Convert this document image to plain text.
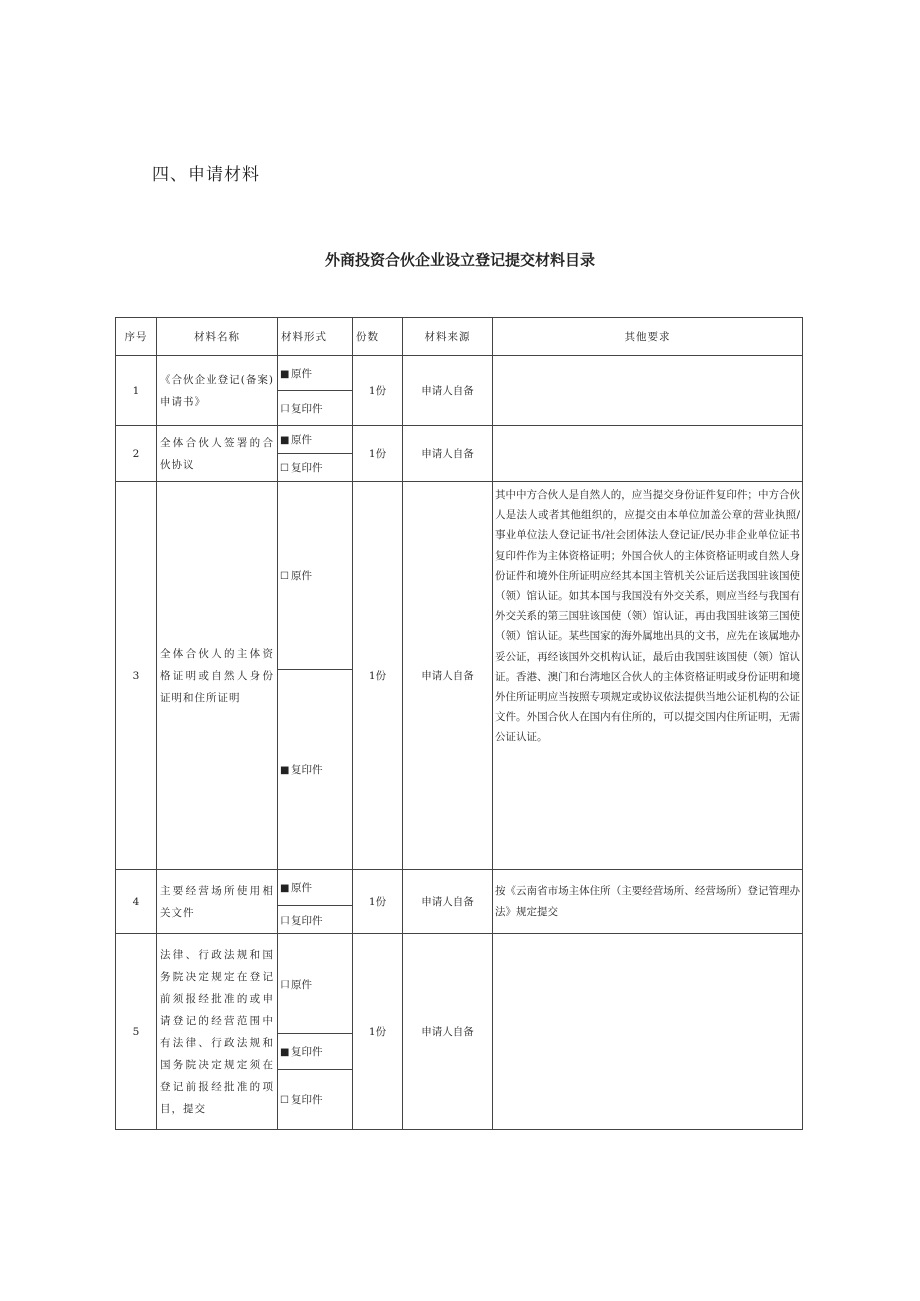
四、申请材料
外商投资合伙企业设立登记提交材料目录
序号	材料名称	材料形式	份数	材料来源	其他要求
1	《合伙企业登记(备案)申请书》	■ 原件	1份	申请人自备	
		口复印件			
2	全体合伙人签署的合伙协议	■ 原件	1份	申请人自备	
		☐ 复印件			
3	全体合伙人的主体资格证明或自然人身份证明和住所证明	☐ 原件	1份	申请人自备	其中中方合伙人是自然人的，应当提交身份证件复印件；中方合伙人是法人或者其他组织的，应提交由本单位加盖公章的营业执照/事业单位法人登记证书/社会团体法人登记证/民办非企业单位证书复印件作为主体资格证明；外国合伙人的主体资格证明或自然人身份证件和境外住所证明应经其本国主管机关公证后送我国驻该国使（领）馆认证。如其本国与我国没有外交关系，则应当经与我国有外交关系的第三国驻该国使（领）馆认证，再由我国驻该第三国使（领）馆认证。某些国家的海外属地出具的文书，应先在该属地办妥公证，再经该国外交机构认证，最后由我国驻该国使（领）馆认证。香港、澳门和台湾地区合伙人的主体资格证明或身份证明和境外住所证明应当按照专项规定或协议依法提供当地公证机构的公证文件。外国合伙人在国内有住所的，可以提交国内住所证明，无需公证认证。
		■ 复印件			
4	主要经营场所使用相关文件	■ 原件	1份	申请人自备	按《云南省市场主体住所（主要经营场所、经营场所）登记管理办法》规定提交
		口复印件			
5	法律、行政法规和国务院决定规定在登记前须报经批准的或申请登记的经营范围中有法律、行政法规和国务院决定规定须在登记前报经批准的项目，提交	口原件	1份	申请人自备	
		■ 复印件			
		☐ 复印件			
